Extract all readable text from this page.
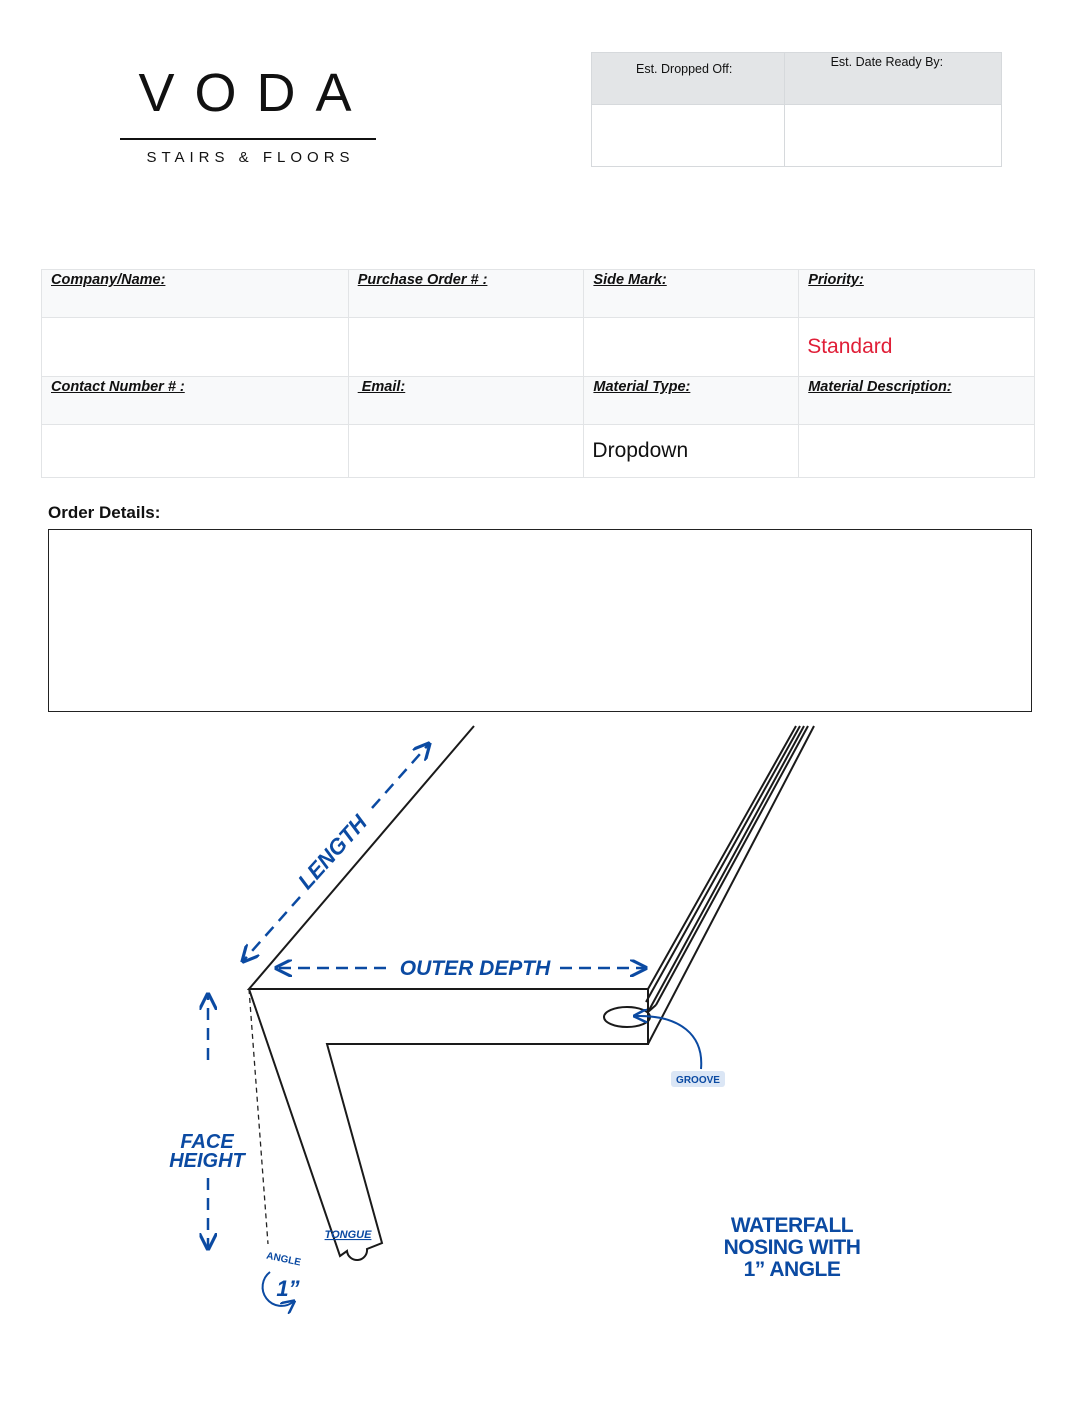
VODA
STAIRS & FLOORS
Est. Dropped Off:	Est. Date Ready By:

Company/Name:	Purchase Order # :	Side Mark:	Priority:
			Standard
Contact Number # :	Email:	Material Type:	Material Description:
		Dropdown	
Order Details:
LENGTH
OUTER DEPTH
FACE
HEIGHT
GROOVE
TONGUE
ANGLE
1”
WATERFALL
NOSING WITH
1” ANGLE
